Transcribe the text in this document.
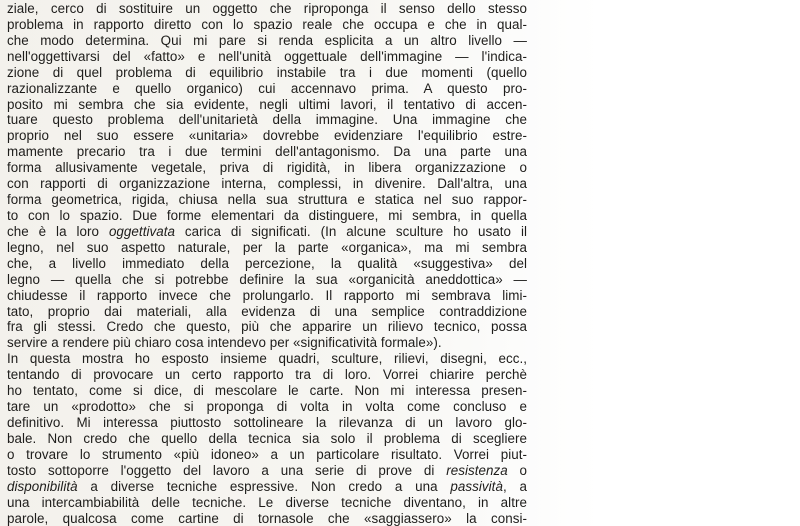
ziale, cerco di sostituire un oggetto che riproponga il senso dello stesso
problema in rapporto diretto con lo spazio reale che occupa e che in qual-
che modo determina. Qui mi pare si renda esplicita a un altro livello —
nell'oggettivarsi del «fatto» e nell'unità oggettuale dell'immagine — l'indica-
zione di quel problema di equilibrio instabile tra i due momenti (quello
razionalizzante e quello organico) cui accennavo prima. A questo pro-
posito mi sembra che sia evidente, negli ultimi lavori, il tentativo di accen-
tuare questo problema dell'unitarietà della immagine. Una immagine che
proprio nel suo essere «unitaria» dovrebbe evidenziare l'equilibrio estre-
mamente precario tra i due termini dell'antagonismo. Da una parte una
forma allusivamente vegetale, priva di rigidità, in libera organizzazione o
con rapporti di organizzazione interna, complessi, in divenire. Dall'altra, una
forma geometrica, rigida, chiusa nella sua struttura e statica nel suo rappor-
to con lo spazio. Due forme elementari da distinguere, mi sembra, in quella
che è la loro oggettivata carica di significati. (In alcune sculture ho usato il
legno, nel suo aspetto naturale, per la parte «organica», ma mi sembra
che, a livello immediato della percezione, la qualità «suggestiva» del
legno — quella che si potrebbe definire la sua «organicità aneddottica» —
chiudesse il rapporto invece che prolungarlo. Il rapporto mi sembrava limi-
tato, proprio dai materiali, alla evidenza di una semplice contraddizione
fra gli stessi. Credo che questo, più che apparire un rilievo tecnico, possa
servire a rendere più chiaro cosa intendevo per «significatività formale»).
In questa mostra ho esposto insieme quadri, sculture, rilievi, disegni, ecc.,
tentando di provocare un certo rapporto tra di loro. Vorrei chiarire perchè
ho tentato, come si dice, di mescolare le carte. Non mi interessa presen-
tare un «prodotto» che si proponga di volta in volta come concluso e
definitivo. Mi interessa piuttosto sottolineare la rilevanza di un lavoro glo-
bale. Non credo che quello della tecnica sia solo il problema di scegliere
o trovare lo strumento «più idoneo» a un particolare risultato. Vorrei piut-
tosto sottoporre l'oggetto del lavoro a una serie di prove di resistenza o
disponibilità a diverse tecniche espressive. Non credo a una passività, a
una intercambiabilità delle tecniche. Le diverse tecniche diventano, in altre
parole, qualcosa come cartine di tornasole che «saggiassero» la consi-
